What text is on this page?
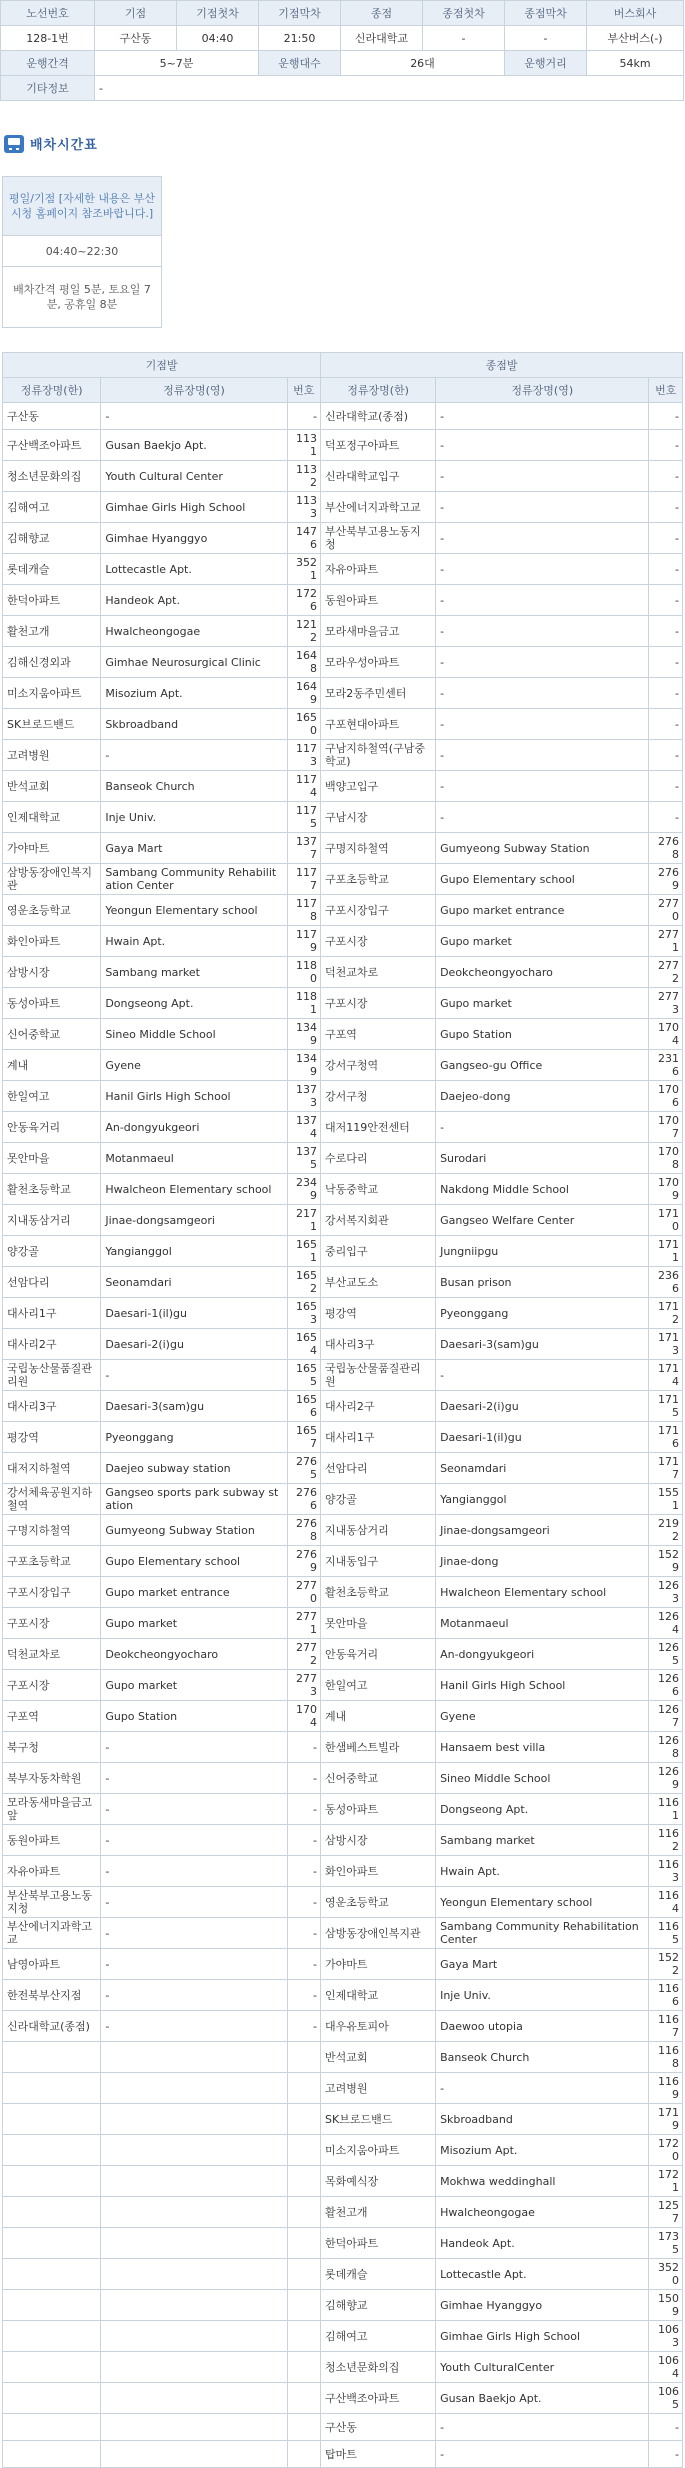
노선번호	기점	기점첫차	기점막차	종점	종점첫차	종점막차	버스회사
128-1번	구산동	04:40	21:50	신라대학교	-	-	부산버스(-)
운행간격	5~7분		운행대수	26대		운행거리	54km
기타정보	-						
배차시간표
평일/기점 [자세한 내용은 부산시청 홈페이지 참조바랍니다.]
04:40~22:30
배차간격 평일 5분, 토요일 7분, 공휴일 8분
기점발			종점발		
정류장명(한)	정류장명(영)	번호	정류장명(한)	정류장명(영)	번호
구산동	-	-	신라대학교(종점)	-	-
구산백조아파트	Gusan Baekjo Apt.	1131	덕포정구아파트	-	-
청소년문화의집	Youth Cultural Center	1132	신라대학교입구	-	-
김해여고	Gimhae Girls High School	1133	부산에너지과학고교	-	-
김해향교	Gimhae Hyanggyo	1476	부산북부고용노동지청	-	-
롯데캐슬	Lottecastle Apt.	3521	자유아파트	-	-
한덕아파트	Handeok Apt.	1726	동원아파트	-	-
활천고개	Hwalcheongogae	1212	모라새마을금고	-	-
김해신경외과	Gimhae Neurosurgical Clinic	1648	모라우성아파트	-	-
미소지움아파트	Misozium Apt.	1649	모라2동주민센터	-	-
SK브로드밴드	Skbroadband	1650	구포현대아파트	-	-
고려병원	-	1173	구남지하철역(구남중학교)	-	-
반석교회	Banseok Church	1174	백양고입구	-	-
인제대학교	Inje Univ.	1175	구남시장	-	-
가야마트	Gaya Mart	1377	구명지하철역	Gumyeong Subway Station	2768
삼방동장애인복지관	Sambang Community Rehabilitation Center	1177	구포초등학교	Gupo Elementary school	2769
영운초등학교	Yeongun Elementary school	1178	구포시장입구	Gupo market entrance	2770
화인아파트	Hwain Apt.	1179	구포시장	Gupo market	2771
삼방시장	Sambang market	1180	덕천교차로	Deokcheongyocharo	2772
동성아파트	Dongseong Apt.	1181	구포시장	Gupo market	2773
신어중학교	Sineo Middle School	1349	구포역	Gupo Station	1704
계내	Gyene	1349	강서구청역	Gangseo-gu Office	2316
한일여고	Hanil Girls High School	1373	강서구청	Daejeo-dong	1706
안동육거리	An-dongyukgeori	1374	대저119안전센터	-	1707
못안마을	Motanmaeul	1375	수로다리	Surodari	1708
활천초등학교	Hwalcheon Elementary school	2349	낙동중학교	Nakdong Middle School	1709
지내동삼거리	Jinae-dongsamgeori	2171	강서복지회관	Gangseo Welfare Center	1710
양강골	Yangianggol	1651	중리입구	Jungniipgu	1711
선암다리	Seonamdari	1652	부산교도소	Busan prison	2366
대사리1구	Daesari-1(il)gu	1653	평강역	Pyeonggang	1712
대사리2구	Daesari-2(i)gu	1654	대사리3구	Daesari-3(sam)gu	1713
국립농산물품질관리원	-	1655	국립농산물품질관리원	-	1714
대사리3구	Daesari-3(sam)gu	1656	대사리2구	Daesari-2(i)gu	1715
평강역	Pyeonggang	1657	대사리1구	Daesari-1(il)gu	1716
대저지하철역	Daejeo subway station	2765	선암다리	Seonamdari	1717
강서체육공원지하철역	Gangseo sports park subway station	2766	양강골	Yangianggol	1551
구명지하철역	Gumyeong Subway Station	2768	지내동삼거리	Jinae-dongsamgeori	2192
구포초등학교	Gupo Elementary school	2769	지내동입구	Jinae-dong	1529
구포시장입구	Gupo market entrance	2770	활천초등학교	Hwalcheon Elementary school	1263
구포시장	Gupo market	2771	못안마을	Motanmaeul	1264
덕천교차로	Deokcheongyocharo	2772	안동육거리	An-dongyukgeori	1265
구포시장	Gupo market	2773	한일여고	Hanil Girls High School	1266
구포역	Gupo Station	1704	계내	Gyene	1267
북구청	-	-	한샘베스트빌라	Hansaem best villa	1268
북부자동차학원	-	-	신어중학교	Sineo Middle School	1269
모라동새마을금고앞	-	-	동성아파트	Dongseong Apt.	1161
동원아파트	-	-	삼방시장	Sambang market	1162
자유아파트	-	-	화인아파트	Hwain Apt.	1163
부산북부고용노동지청	-	-	영운초등학교	Yeongun Elementary school	1164
부산에너지과학고교	-	-	삼방동장애인복지관	Sambang Community Rehabilitation Center	1165
남영아파트	-	-	가야마트	Gaya Mart	1522
한전북부산지점	-	-	인제대학교	Inje Univ.	1166
신라대학교(종점)	-	-	대우유토피아	Daewoo utopia	1167
			반석교회	Banseok Church	1168
			고려병원	-	1169
			SK브로드밴드	Skbroadband	1719
			미소지움아파트	Misozium Apt.	1720
			목화예식장	Mokhwa weddinghall	1721
			활천고개	Hwalcheongogae	1257
			한덕아파트	Handeok Apt.	1735
			롯데캐슬	Lottecastle Apt.	3520
			김해향교	Gimhae Hyanggyo	1509
			김해여고	Gimhae Girls High School	1063
			청소년문화의집	Youth CulturalCenter	1064
			구산백조아파트	Gusan Baekjo Apt.	1065
			구산동	-	-
			탑마트	-	-
